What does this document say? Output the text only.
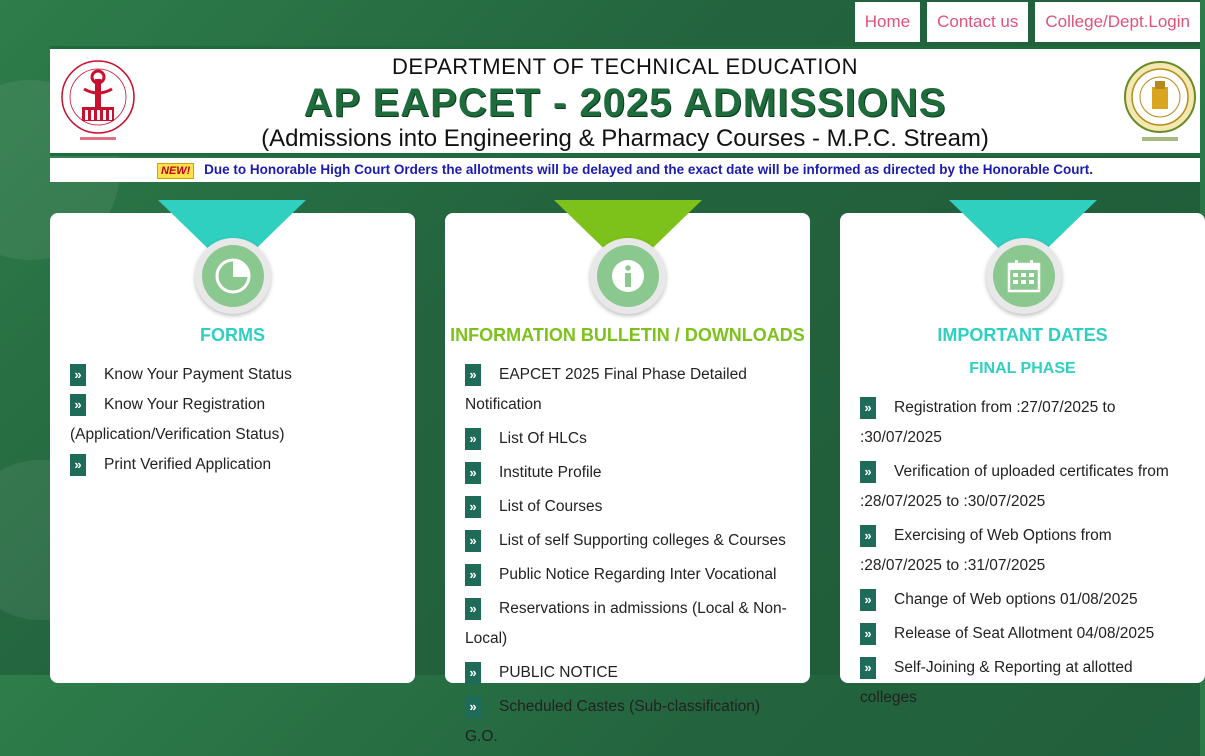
Home	Contact us	College/Dept.Login
DEPARTMENT OF TECHNICAL EDUCATION
AP EAPCET - 2025 ADMISSIONS
(Admissions into Engineering & Pharmacy Courses - M.P.C. Stream)
NEW! Due to Honorable High Court Orders the allotments will be delayed and the exact date will be informed as directed by the Honorable Court.
FORMS
» Know Your Payment Status
» Know Your Registration (Application/Verification Status)
» Print Verified Application
INFORMATION BULLETIN / DOWNLOADS
» EAPCET 2025 Final Phase Detailed Notification
» List Of HLCs
» Institute Profile
» List of Courses
» List of self Supporting colleges & Courses
» Public Notice Regarding Inter Vocational
» Reservations in admissions (Local & Non-Local)
» PUBLIC NOTICE
» Scheduled Castes (Sub-classification) G.O.
IMPORTANT DATES
FINAL PHASE
» Registration from :27/07/2025 to :30/07/2025
» Verification of uploaded certificates from :28/07/2025 to :30/07/2025
» Exercising of Web Options from :28/07/2025 to :31/07/2025
» Change of Web options 01/08/2025
» Release of Seat Allotment 04/08/2025
» Self-Joining & Reporting at allotted colleges
